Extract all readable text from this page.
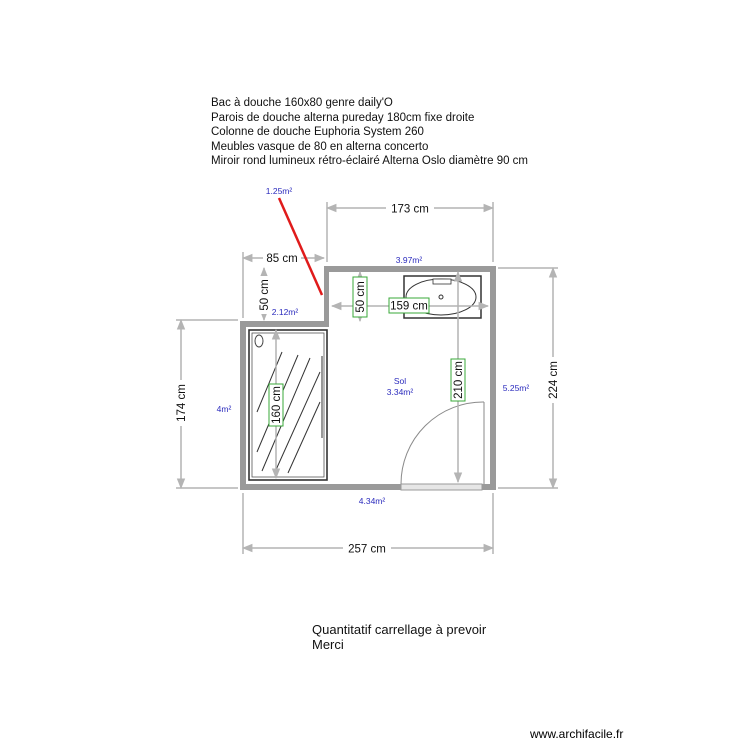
Bac à douche 160x80 genre daily'O
Parois de douche alterna pureday 180cm fixe droite
Colonne de douche Euphoria System 260
Meubles vasque de 80 en alterna concerto
Miroir rond lumineux rétro-éclairé Alterna Oslo diamètre 90 cm
173 cm
85 cm
50 cm	50 cm 159 cm
174 cm
224 cm
210 cm
160 cm
257 cm
1.25m²
3.97m²
2.12m²
4m²
5.25m²
4.34m²
Sol
3.34m²
Quantitatif carrellage à prevoir
Merci
www.archifacile.fr
